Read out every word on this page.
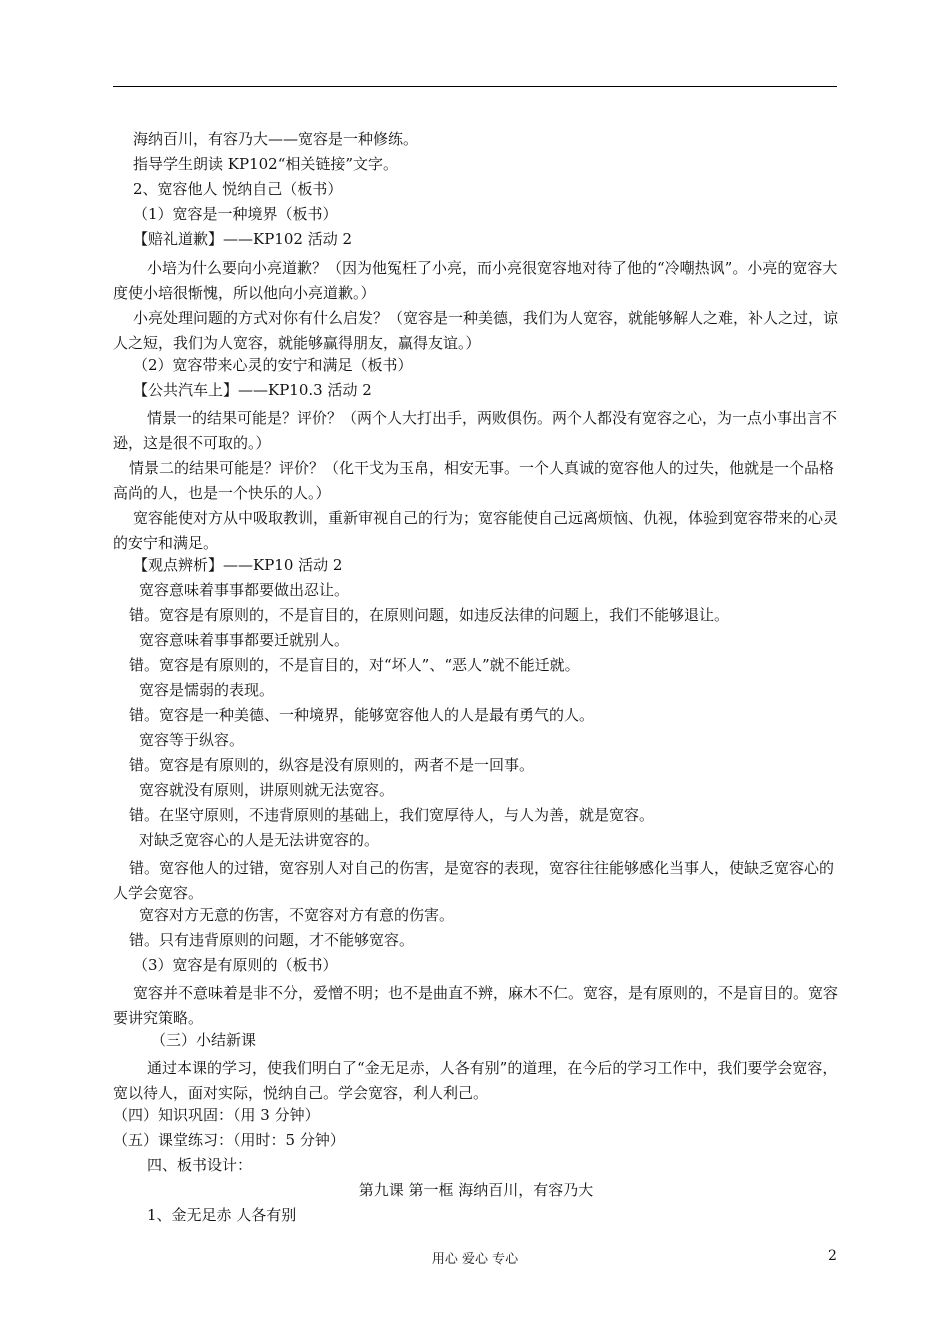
海纳百川，有容乃大——宽容是一种修练。
指导学生朗读 KP102“相关链接”文字。
2、宽容他人 悦纳自己（板书）
（1）宽容是一种境界（板书）
【赔礼道歉】——KP102 活动 2
小培为什么要向小亮道歉？（因为他冤枉了小亮，而小亮很宽容地对待了他的“冷嘲热讽”。小亮的宽容大度使小培很惭愧，所以他向小亮道歉。）
小亮处理问题的方式对你有什么启发？（宽容是一种美德，我们为人宽容，就能够解人之难，补人之过，谅人之短，我们为人宽容，就能够赢得朋友，赢得友谊。）
（2）宽容带来心灵的安宁和满足（板书）
【公共汽车上】——KP10.3 活动 2
情景一的结果可能是？评价？（两个人大打出手，两败俱伤。两个人都没有宽容之心，为一点小事出言不逊，这是很不可取的。）
情景二的结果可能是？评价？（化干戈为玉帛，相安无事。一个人真诚的宽容他人的过失，他就是一个品格高尚的人，也是一个快乐的人。）
宽容能使对方从中吸取教训，重新审视自己的行为；宽容能使自己远离烦恼、仇视，体验到宽容带来的心灵的安宁和满足。
【观点辨析】——KP10 活动 2
宽容意味着事事都要做出忍让。
错。宽容是有原则的，不是盲目的，在原则问题，如违反法律的问题上，我们不能够退让。
宽容意味着事事都要迁就别人。
错。宽容是有原则的，不是盲目的，对“坏人”、“恶人”就不能迁就。
宽容是懦弱的表现。
错。宽容是一种美德、一种境界，能够宽容他人的人是最有勇气的人。
宽容等于纵容。
错。宽容是有原则的，纵容是没有原则的，两者不是一回事。
宽容就没有原则，讲原则就无法宽容。
错。在坚守原则，不违背原则的基础上，我们宽厚待人，与人为善，就是宽容。
对缺乏宽容心的人是无法讲宽容的。
错。宽容他人的过错，宽容别人对自己的伤害，是宽容的表现，宽容往往能够感化当事人，使缺乏宽容心的人学会宽容。
宽容对方无意的伤害，不宽容对方有意的伤害。
错。只有违背原则的问题，才不能够宽容。
（3）宽容是有原则的（板书）
宽容并不意味着是非不分，爱憎不明；也不是曲直不辨，麻木不仁。宽容，是有原则的，不是盲目的。宽容要讲究策略。
（三）小结新课
通过本课的学习，使我们明白了“金无足赤，人各有别”的道理，在今后的学习工作中，我们要学会宽容，宽以待人，面对实际，悦纳自己。学会宽容，利人利己。
（四）知识巩固：（用 3 分钟）
（五）课堂练习：（用时：5 分钟）
四、板书设计：
第九课 第一框 海纳百川，有容乃大
1、金无足赤 人各有别
用心 爱心 专心	2
